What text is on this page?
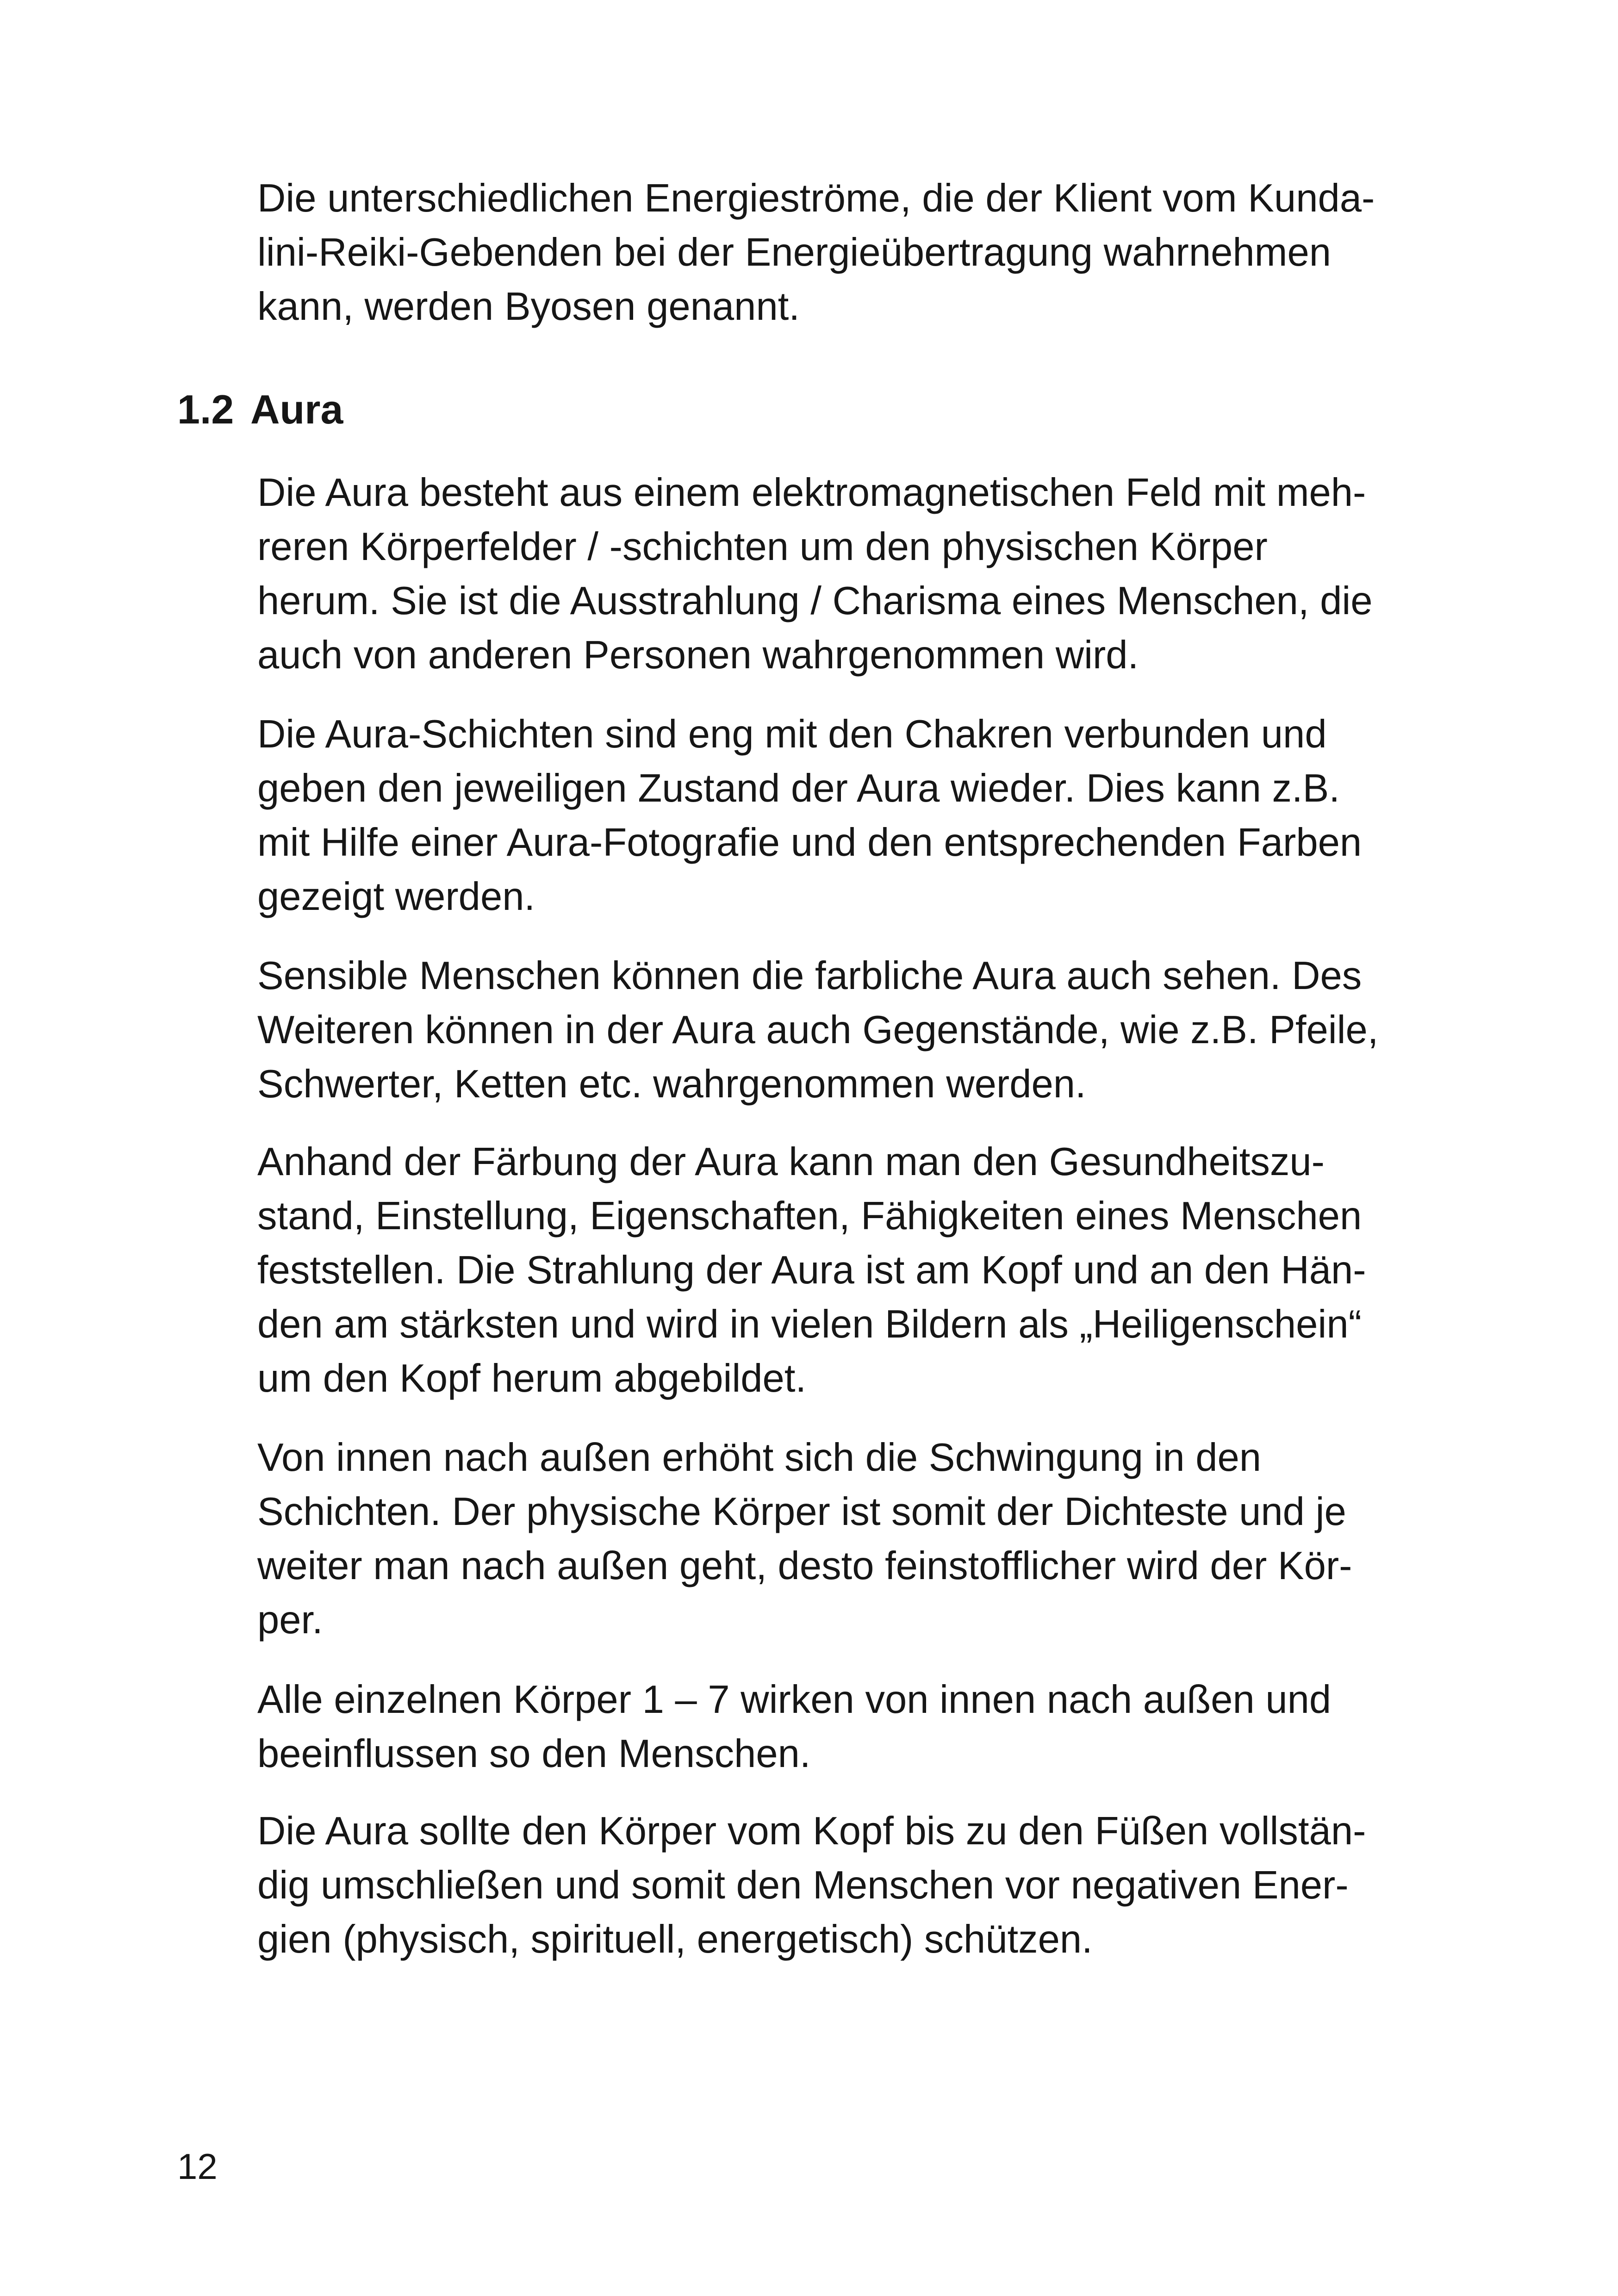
Die unterschiedlichen Energieströme, die der Klient vom Kunda-
lini-Reiki-Gebenden bei der Energieübertragung wahrnehmen
kann, werden Byosen genannt.
1.2 Aura
Die Aura besteht aus einem elektromagnetischen Feld mit meh-
reren Körperfelder / -schichten um den physischen Körper
herum. Sie ist die Ausstrahlung / Charisma eines Menschen, die
auch von anderen Personen wahrgenommen wird.
Die Aura-Schichten sind eng mit den Chakren verbunden und
geben den jeweiligen Zustand der Aura wieder. Dies kann z.B.
mit Hilfe einer Aura-Fotografie und den entsprechenden Farben
gezeigt werden.
Sensible Menschen können die farbliche Aura auch sehen. Des
Weiteren können in der Aura auch Gegenstände, wie z.B. Pfeile,
Schwerter, Ketten etc. wahrgenommen werden.
Anhand der Färbung der Aura kann man den Gesundheitszu-
stand, Einstellung, Eigenschaften, Fähigkeiten eines Menschen
feststellen. Die Strahlung der Aura ist am Kopf und an den Hän-
den am stärksten und wird in vielen Bildern als „Heiligenschein“
um den Kopf herum abgebildet.
Von innen nach außen erhöht sich die Schwingung in den
Schichten. Der physische Körper ist somit der Dichteste und je
weiter man nach außen geht, desto feinstofflicher wird der Kör-
per.
Alle einzelnen Körper 1 – 7 wirken von innen nach außen und
beeinflussen so den Menschen.
Die Aura sollte den Körper vom Kopf bis zu den Füßen vollstän-
dig umschließen und somit den Menschen vor negativen Ener-
gien (physisch, spirituell, energetisch) schützen.
12
